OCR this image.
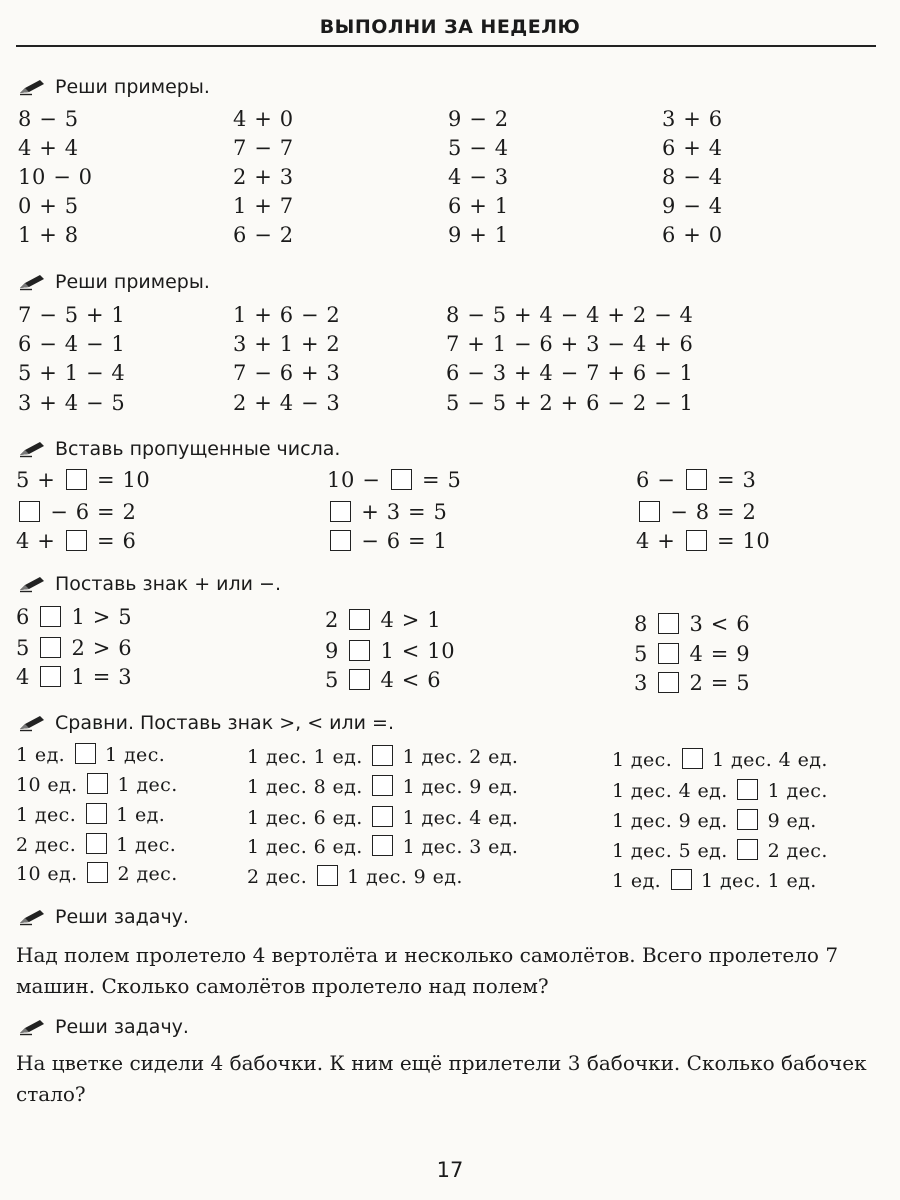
ВЫПОЛНИ ЗА НЕДЕЛЮ
Реши примеры.
8 − 5
4 + 4
10 − 0
0 + 5
1 + 8
4 + 0
7 − 7
2 + 3
1 + 7
6 − 2
9 − 2
5 − 4
4 − 3
6 + 1
9 + 1
3 + 6
6 + 4
8 − 4
9 − 4
6 + 0
Реши примеры.
7 − 5 + 1
6 − 4 − 1
5 + 1 − 4
3 + 4 − 5
1 + 6 − 2
3 + 1 + 2
7 − 6 + 3
2 + 4 − 3
8 − 5 + 4 − 4 + 2 − 4
7 + 1 − 6 + 3 − 4 + 6
6 − 3 + 4 − 7 + 6 − 1
5 − 5 + 2 + 6 − 2 − 1
Вставь пропущенные числа.
5 + = 10
− 6 = 2
4 + = 6
10 − = 5
+ 3 = 5
− 6 = 1
6 − = 3
− 8 = 2
4 + = 10
Поставь знак + или −.
6 1 > 5
5 2 > 6
4 1 = 3
2 4 > 1
9 1 < 10
5 4 < 6
8 3 < 6
5 4 = 9
3 2 = 5
Сравни. Поставь знак >, < или =.
1 ед. 1 дес.
10 ед. 1 дес.
1 дес. 1 ед.
2 дес. 1 дес.
10 ед. 2 дес.
1 дес. 1 ед. 1 дес. 2 ед.
1 дес. 8 ед. 1 дес. 9 ед.
1 дес. 6 ед. 1 дес. 4 ед.
1 дес. 6 ед. 1 дес. 3 ед.
2 дес. 1 дес. 9 ед.
1 дес. 1 дес. 4 ед.
1 дес. 4 ед. 1 дес.
1 дес. 9 ед. 9 ед.
1 дес. 5 ед. 2 дес.
1 ед. 1 дес. 1 ед.
Реши задачу.
Над полем пролетело 4 вертолёта и несколько самолётов. Всего пролетело 7 машин. Сколько самолётов пролетело над полем?
Реши задачу.
На цветке сидели 4 бабочки. К ним ещё прилетели 3 бабочки. Сколько бабочек стало?
17
